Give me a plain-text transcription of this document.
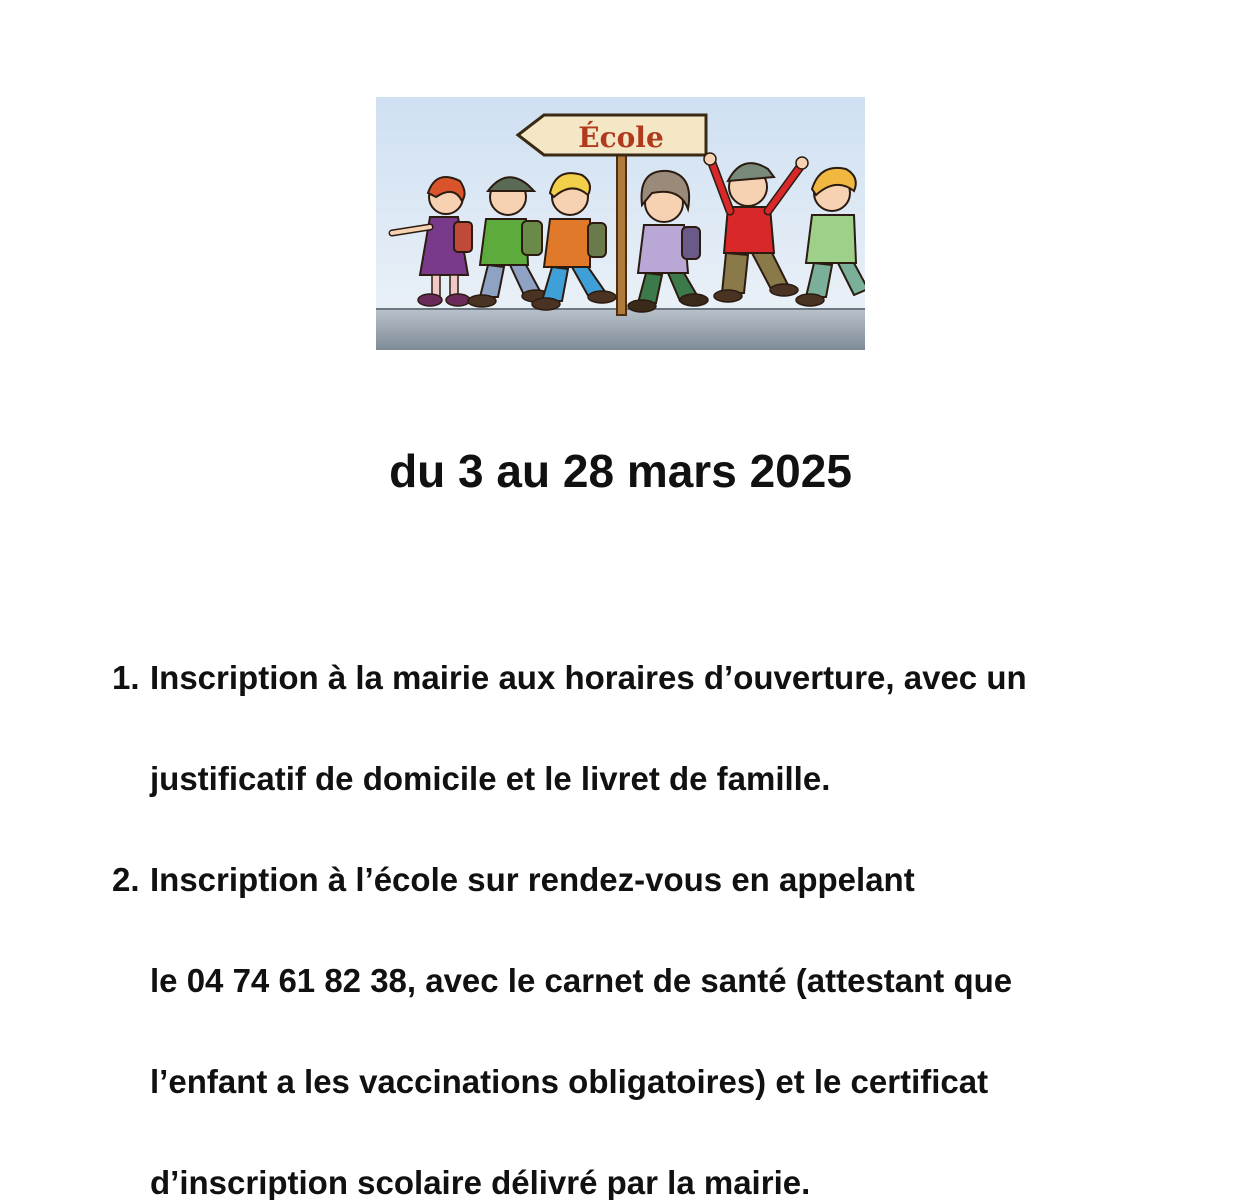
École
du 3 au 28 mars 2025
1. Inscription à la mairie aux horaires d’ouverture, avec un
justificatif de domicile et le livret de famille.
2. Inscription à l’école sur rendez-vous en appelant
le 04 74 61 82 38, avec le carnet de santé (attestant que
l’enfant a les vaccinations obligatoires) et le certificat
d’inscription scolaire délivré par la mairie.
